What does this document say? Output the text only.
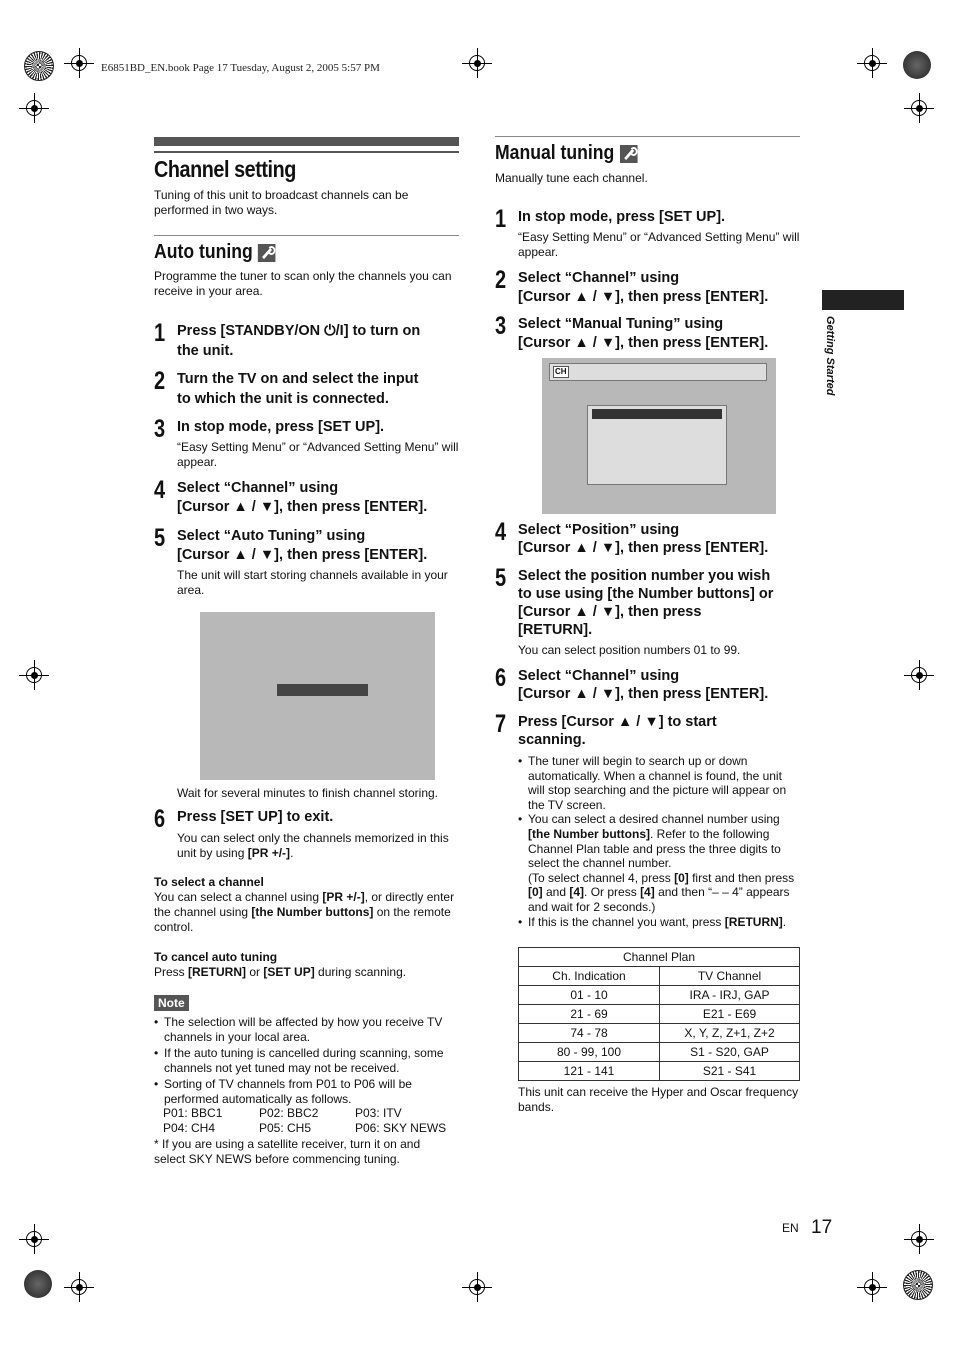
E6851BD_EN.book Page 17 Tuesday, August 2, 2005 5:57 PM
Getting Started
Channel setting
Tuning of this unit to broadcast channels can be performed in two ways.
Auto tuning
Programme the tuner to scan only the channels you can receive in your area.
1 Press [STANDBY/ON ⏻/I] to turn on
the unit.
2 Turn the TV on and select the input
to which the unit is connected.
3 In stop mode, press [SET UP].
“Easy Setting Menu” or “Advanced Setting Menu” will appear.
4 Select “Channel” using
[Cursor ▲ / ▼], then press [ENTER].
5 Select “Auto Tuning” using
[Cursor ▲ / ▼], then press [ENTER].
The unit will start storing channels available in your area.
Wait for several minutes to finish channel storing.
6 Press [SET UP] to exit.
You can select only the channels memorized in this unit by using [PR +/-].
To select a channel
You can select a channel using [PR +/-], or directly enter the channel using [the Number buttons] on the remote control.
To cancel auto tuning
Press [RETURN] or [SET UP] during scanning.
Note
• The selection will be affected by how you receive TV channels in your local area.
• If the auto tuning is cancelled during scanning, some channels not yet tuned may not be received.
• Sorting of TV channels from P01 to P06 will be performed automatically as follows.
P01: BBC1	P02: BBC2	P03: ITV
P04: CH4	P05: CH5	P06: SKY NEWS
* If you are using a satellite receiver, turn it on and select SKY NEWS before commencing tuning.
Manual tuning
Manually tune each channel.
1 In stop mode, press [SET UP].
“Easy Setting Menu” or “Advanced Setting Menu” will appear.
2 Select “Channel” using
[Cursor ▲ / ▼], then press [ENTER].
3 Select “Manual Tuning” using
[Cursor ▲ / ▼], then press [ENTER].
CH
4 Select “Position” using
[Cursor ▲ / ▼], then press [ENTER].
5 Select the position number you wish
to use using [the Number buttons] or
[Cursor ▲ / ▼], then press
[RETURN].
You can select position numbers 01 to 99.
6 Select “Channel” using
[Cursor ▲ / ▼], then press [ENTER].
7 Press [Cursor ▲ / ▼] to start
scanning.
• The tuner will begin to search up or down automatically. When a channel is found, the unit will stop searching and the picture will appear on the TV screen.
• You can select a desired channel number using [the Number buttons]. Refer to the following Channel Plan table and press the three digits to select the channel number.
(To select channel 4, press [0] first and then press [0] and [4]. Or press [4] and then “– – 4” appears and wait for 2 seconds.)
• If this is the channel you want, press [RETURN].
Channel Plan	
Ch. Indication	TV Channel
01 - 10	IRA - IRJ, GAP
21 - 69	E21 - E69
74 - 78	X, Y, Z, Z+1, Z+2
80 - 99, 100	S1 - S20, GAP
121 - 141	S21 - S41
This unit can receive the Hyper and Oscar frequency bands.
EN 17
